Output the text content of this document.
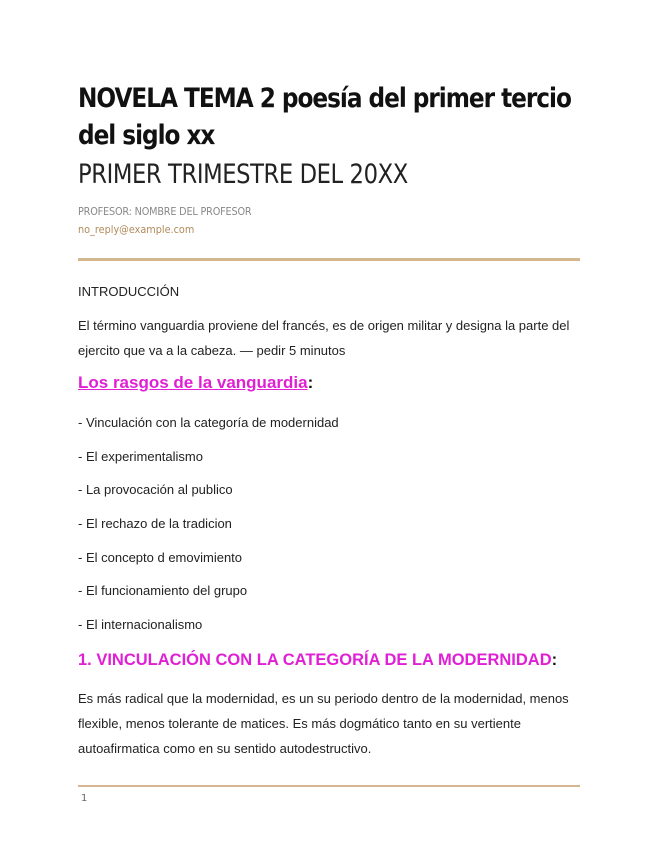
NOVELA TEMA 2 poesía del primer tercio del siglo xx
PRIMER TRIMESTRE DEL 20XX
PROFESOR: NOMBRE DEL PROFESOR
no_reply@example.com
INTRODUCCIÓN

El término vanguardia proviene del francés, es de origen militar y designa la parte del ejercito que va a la cabeza. — pedir 5 minutos

Los rasgos de la vanguardia:
- Vinculación con la categoría de modernidad
- El experimentalismo
- La provocación al publico
- El rechazo de la tradicion
- El concepto d emovimiento
- El funcionamiento del grupo
- El internacionalismo
1. VINCULACIÓN CON LA CATEGORÍA DE LA MODERNIDAD:

Es más radical que la modernidad, es un su periodo dentro de la modernidad, menos flexible, menos tolerante de matices. Es más dogmático tanto en su vertiente autoafirmatica como en su sentido autodestructivo.

1
